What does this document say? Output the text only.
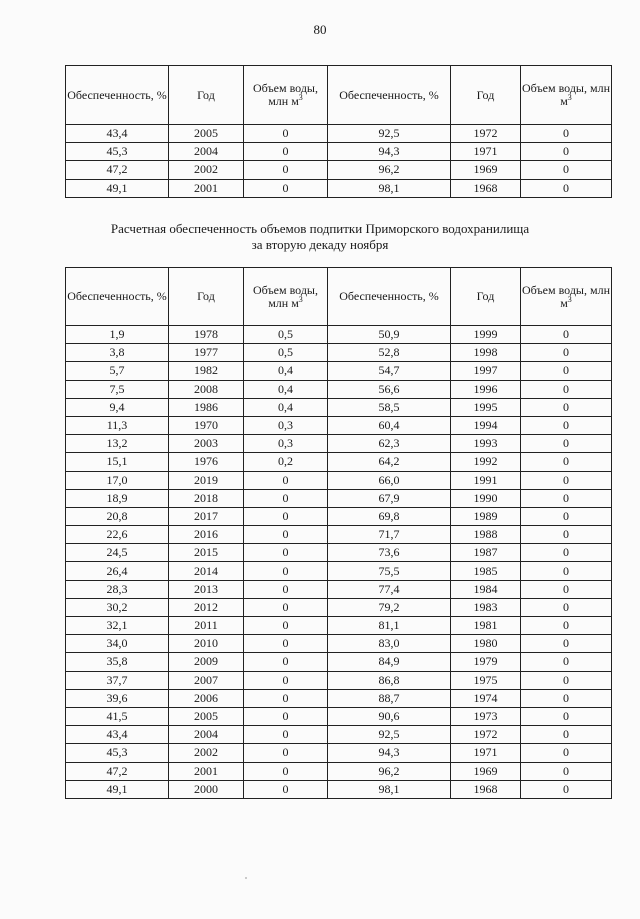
80
Обеспеченность, %	Год	Объем воды, млн $м^3$	Обеспеченность, %	Год	Объем воды, млн $м^3$
43,4	2005	0	92,5	1972	0
45,3	2004	0	94,3	1971	0
47,2	2002	0	96,2	1969	0
49,1	2001	0	98,1	1968	0
Расчетная обеспеченность объемов подпитки Приморского водохранилища
за вторую декаду ноября
Обеспеченность, %	Год	Объем воды, млн $м^3$	Обеспеченность, %	Год	Объем воды, млн $м^3$
1,9	1978	0,5	50,9	1999	0
3,8	1977	0,5	52,8	1998	0
5,7	1982	0,4	54,7	1997	0
7,5	2008	0,4	56,6	1996	0
9,4	1986	0,4	58,5	1995	0
11,3	1970	0,3	60,4	1994	0
13,2	2003	0,3	62,3	1993	0
15,1	1976	0,2	64,2	1992	0
17,0	2019	0	66,0	1991	0
18,9	2018	0	67,9	1990	0
20,8	2017	0	69,8	1989	0
22,6	2016	0	71,7	1988	0
24,5	2015	0	73,6	1987	0
26,4	2014	0	75,5	1985	0
28,3	2013	0	77,4	1984	0
30,2	2012	0	79,2	1983	0
32,1	2011	0	81,1	1981	0
34,0	2010	0	83,0	1980	0
35,8	2009	0	84,9	1979	0
37,7	2007	0	86,8	1975	0
39,6	2006	0	88,7	1974	0
41,5	2005	0	90,6	1973	0
43,4	2004	0	92,5	1972	0
45,3	2002	0	94,3	1971	0
47,2	2001	0	96,2	1969	0
49,1	2000	0	98,1	1968	0
